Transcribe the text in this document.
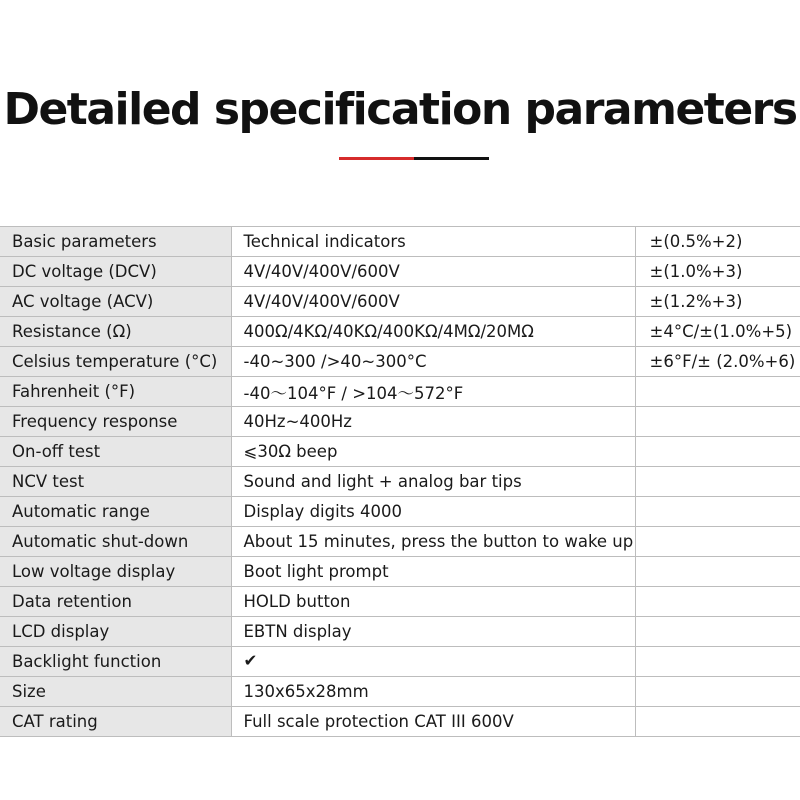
Detailed specification parameters
Basic parameters	Technical indicators	±(0.5%+2)
DC voltage (DCV)	4V/40V/400V/600V	±(1.0%+3)
AC voltage (ACV)	4V/40V/400V/600V	±(1.2%+3)
Resistance (Ω)	400Ω/4KΩ/40KΩ/400KΩ/4MΩ/20MΩ	±4°C/±(1.0%+5)
Celsius temperature (°C)	-40~300 />40~300°C	±6°F/± (2.0%+6)
Fahrenheit (°F)	-40～104°F / >104～572°F	
Frequency response	40Hz~400Hz	
On-off test	⩽30Ω beep	
NCV test	Sound and light + analog bar tips	
Automatic range	Display digits 4000	
Automatic shut-down	About 15 minutes, press the button to wake up	
Low voltage display	Boot light prompt	
Data retention	HOLD button	
LCD display	EBTN display	
Backlight function	✔	
Size	130x65x28mm	
CAT rating	Full scale protection CAT III 600V	
